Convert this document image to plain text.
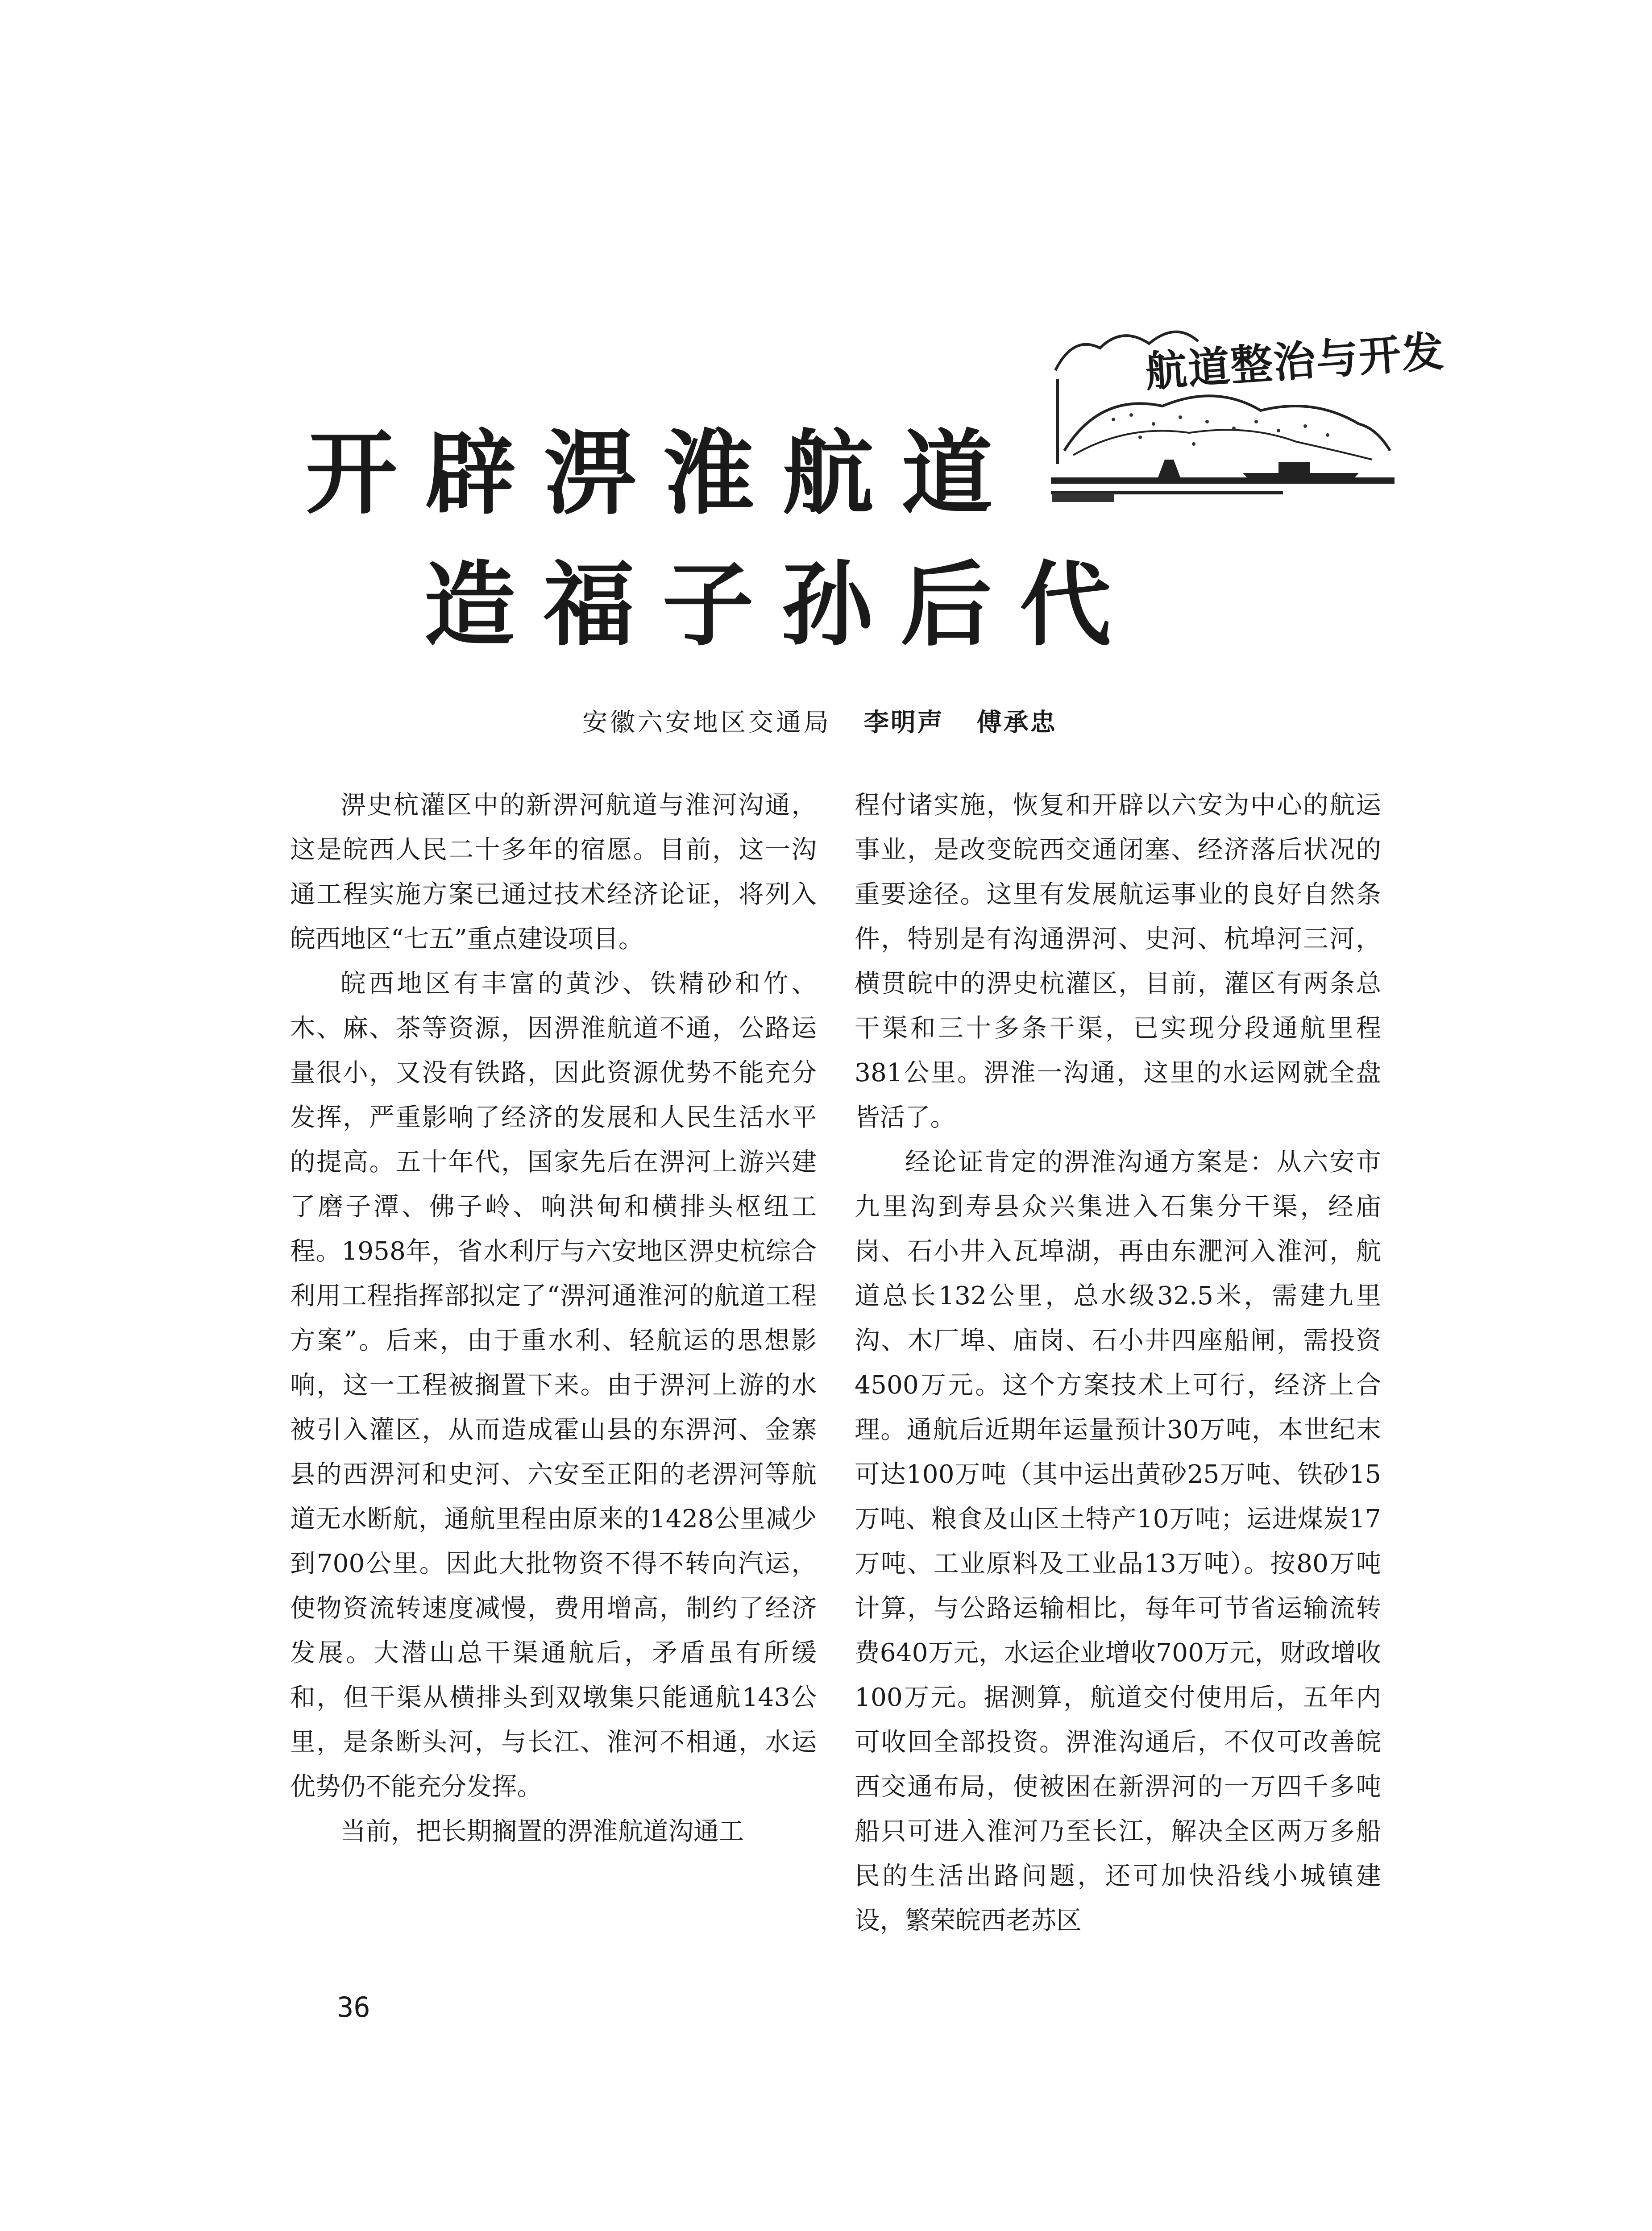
航道整治与开发
开辟淠淮航道
造福子孙后代
安徽六安地区交通局 李明声 傅承忠

淠史杭灌区中的新淠河航道与淮河沟通，这是皖西人民二十多年的宿愿。目前，这一沟通工程实施方案已通过技术经济论证，将列入皖西地区“七五”重点建设项目。

皖西地区有丰富的黄沙、铁精砂和竹、木、麻、茶等资源，因淠淮航道不通，公路运量很小，又没有铁路，因此资源优势不能充分发挥，严重影响了经济的发展和人民生活水平的提高。五十年代，国家先后在淠河上游兴建了磨子潭、佛子岭、响洪甸和横排头枢纽工程。1958年，省水利厅与六安地区淠史杭综合利用工程指挥部拟定了“淠河通淮河的航道工程方案”。后来，由于重水利、轻航运的思想影响，这一工程被搁置下来。由于淠河上游的水被引入灌区，从而造成霍山县的东淠河、金寨县的西淠河和史河、六安至正阳的老淠河等航道无水断航，通航里程由原来的1428公里减少到700公里。因此大批物资不得不转向汽运，使物资流转速度减慢，费用增高，制约了经济发展。大潜山总干渠通航后，矛盾虽有所缓和，但干渠从横排头到双墩集只能通航143公里，是条断头河，与长江、淮河不相通，水运优势仍不能充分发挥。

当前，把长期搁置的淠淮航道沟通工

程付诸实施，恢复和开辟以六安为中心的航运事业，是改变皖西交通闭塞、经济落后状况的重要途径。这里有发展航运事业的良好自然条件，特别是有沟通淠河、史河、杭埠河三河，横贯皖中的淠史杭灌区，目前，灌区有两条总干渠和三十多条干渠，已实现分段通航里程381公里。淠淮一沟通，这里的水运网就全盘皆活了。

经论证肯定的淠淮沟通方案是：从六安市九里沟到寿县众兴集进入石集分干渠，经庙岗、石小井入瓦埠湖，再由东淝河入淮河，航道总长132公里，总水级32.5米，需建九里沟、木厂埠、庙岗、石小井四座船闸，需投资4500万元。这个方案技术上可行，经济上合理。通航后近期年运量预计30万吨，本世纪末可达100万吨（其中运出黄砂25万吨、铁砂15万吨、粮食及山区土特产10万吨；运进煤炭17万吨、工业原料及工业品13万吨）。按80万吨计算，与公路运输相比，每年可节省运输流转费640万元，水运企业增收700万元，财政增收100万元。据测算，航道交付使用后，五年内可收回全部投资。淠淮沟通后，不仅可改善皖西交通布局，使被困在新淠河的一万四千多吨船只可进入淮河乃至长江，解决全区两万多船民的生活出路问题，还可加快沿线小城镇建设，繁荣皖西老苏区

36
